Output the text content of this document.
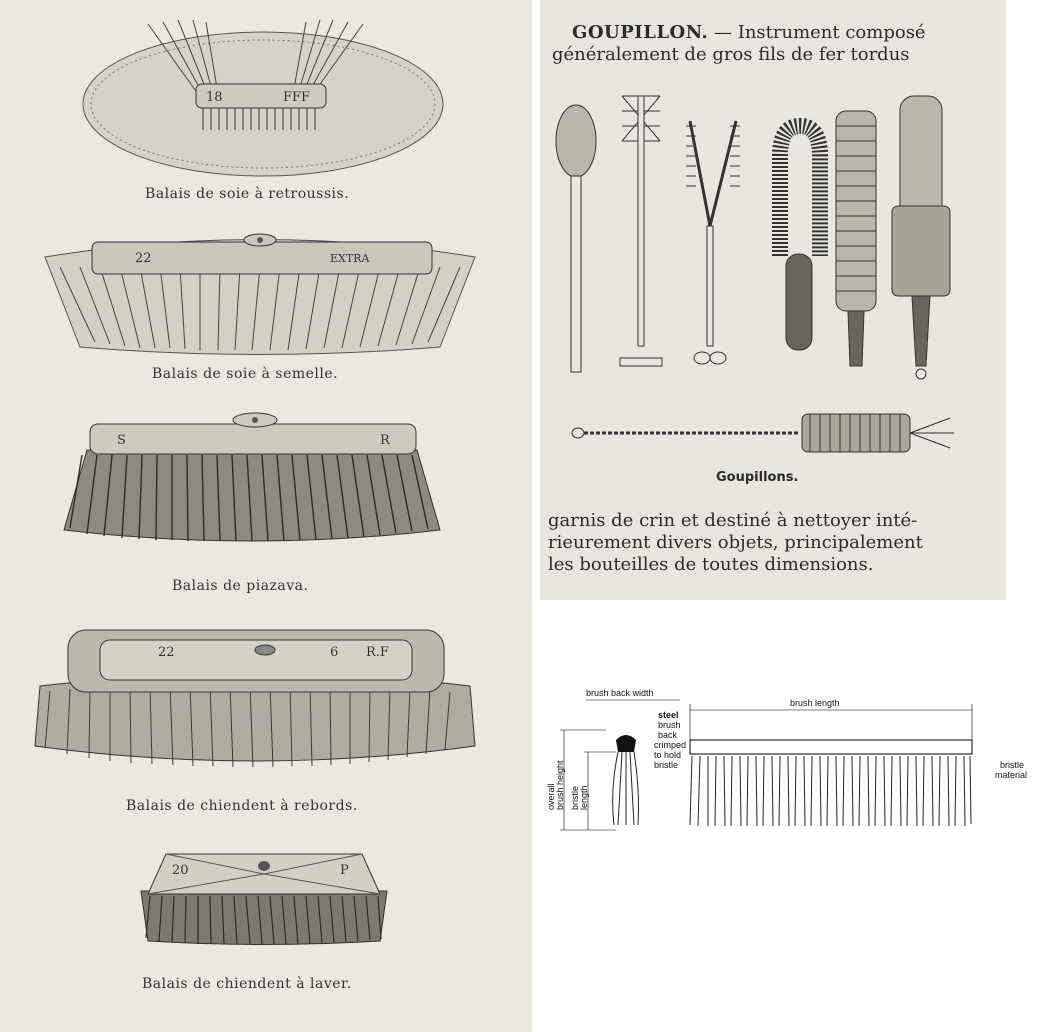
18	FFF
Balais de soie à retroussis.
22	EXTRA
Balais de soie à semelle.
S	R
Balais de piazava.
22	6 R.F
Balais de chiendent à rebords.
20	P
Balais de chiendent à laver.
GOUPILLON. — Instrument composé
généralement de gros fils de fer tordus
Goupillons.
garnis de crin et destiné à nettoyer inté-
rieurement divers objets, principalement
les bouteilles de toutes dimensions.
brush back width
brush length
steel
brush
back
crimped
to hold
bristle
overall brush height bristle length
bristle
material
